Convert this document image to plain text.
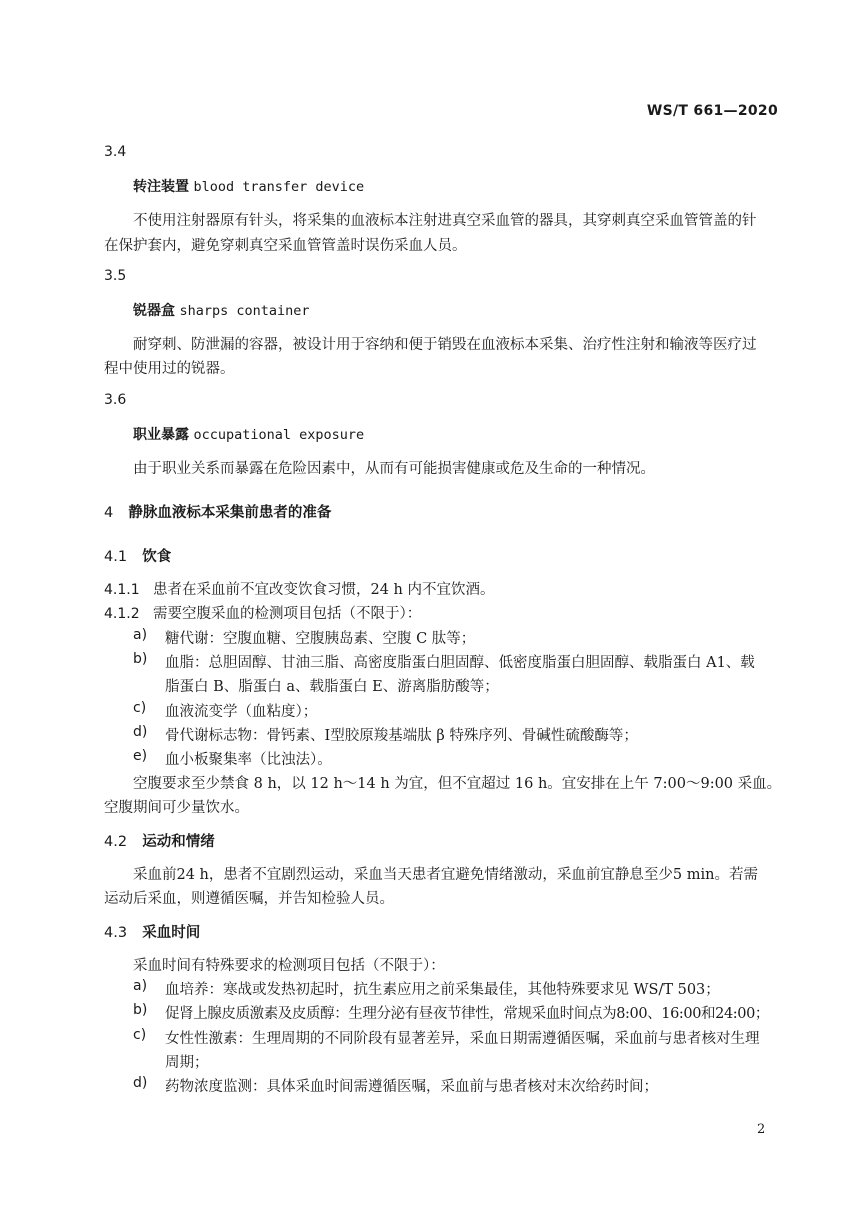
WS/T 661—2020
3.4
转注装置 blood transfer device
不使用注射器原有针头，将采集的血液标本注射进真空采血管的器具，其穿刺真空采血管管盖的针
在保护套内，避免穿刺真空采血管管盖时误伤采血人员。
3.5
锐器盒 sharps container
耐穿刺、防泄漏的容器，被设计用于容纳和便于销毁在血液标本采集、治疗性注射和输液等医疗过
程中使用过的锐器。
3.6
职业暴露 occupational exposure
由于职业关系而暴露在危险因素中，从而有可能损害健康或危及生命的一种情况。
4 静脉血液标本采集前患者的准备
4.1 饮食
4.1.1 患者在采血前不宜改变饮食习惯，24 h 内不宜饮酒。
4.1.2 需要空腹采血的检测项目包括（不限于）：
a) 糖代谢：空腹血糖、空腹胰岛素、空腹 C 肽等；
b) 血脂：总胆固醇、甘油三脂、高密度脂蛋白胆固醇、低密度脂蛋白胆固醇、载脂蛋白 A1、载
脂蛋白 B、脂蛋白 a、载脂蛋白 E、游离脂肪酸等；
c) 血液流变学（血粘度）；
d) 骨代谢标志物：骨钙素、Ⅰ型胶原羧基端肽 β 特殊序列、骨碱性硫酸酶等；
e) 血小板聚集率（比浊法）。
空腹要求至少禁食 8 h，以 12 h～14 h 为宜，但不宜超过 16 h。宜安排在上午 7:00～9:00 采血。
空腹期间可少量饮水。
4.2 运动和情绪
采血前24 h，患者不宜剧烈运动，采血当天患者宜避免情绪激动，采血前宜静息至少5 min。若需
运动后采血，则遵循医嘱，并告知检验人员。
4.3 采血时间
采血时间有特殊要求的检测项目包括（不限于）：
a) 血培养：寒战或发热初起时，抗生素应用之前采集最佳，其他特殊要求见 WS/T 503；
b) 促肾上腺皮质激素及皮质醇：生理分泌有昼夜节律性，常规采血时间点为8:00、16:00和24:00；
c) 女性性激素：生理周期的不同阶段有显著差异，采血日期需遵循医嘱，采血前与患者核对生理
周期；
d) 药物浓度监测：具体采血时间需遵循医嘱，采血前与患者核对末次给药时间；
2
